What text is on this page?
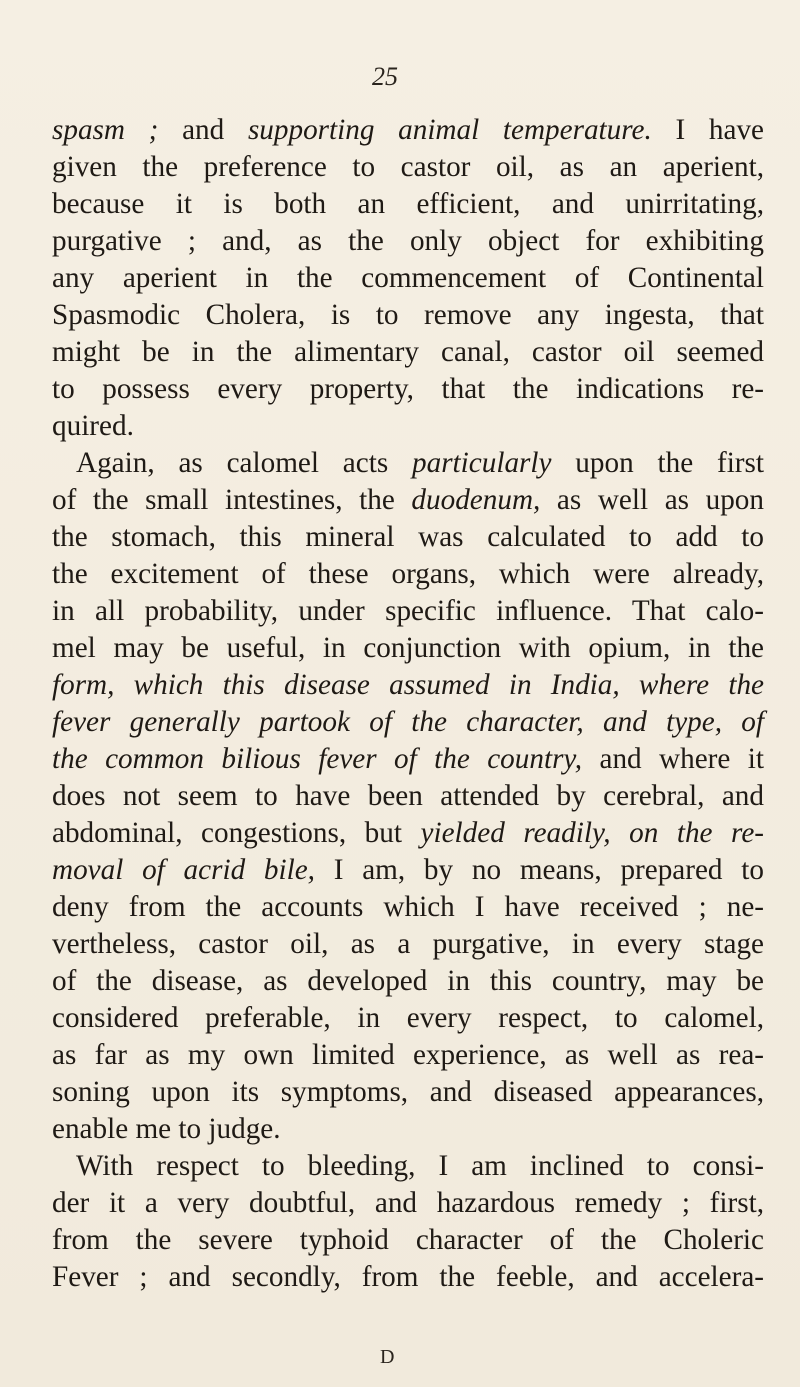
25
spasm ; and supporting animal temperature. I have
given the preference to castor oil, as an aperient,
because it is both an efficient, and unirritating,
purgative ; and, as the only object for exhibiting
any aperient in the commencement of Continental
Spasmodic Cholera, is to remove any ingesta, that
might be in the alimentary canal, castor oil seemed
to possess every property, that the indications re-
quired.
Again, as calomel acts particularly upon the first
of the small intestines, the duodenum, as well as upon
the stomach, this mineral was calculated to add to
the excitement of these organs, which were already,
in all probability, under specific influence. That calo-
mel may be useful, in conjunction with opium, in the
form, which this disease assumed in India, where the
fever generally partook of the character, and type, of
the common bilious fever of the country, and where it
does not seem to have been attended by cerebral, and
abdominal, congestions, but yielded readily, on the re-
moval of acrid bile, I am, by no means, prepared to
deny from the accounts which I have received ; ne-
vertheless, castor oil, as a purgative, in every stage
of the disease, as developed in this country, may be
considered preferable, in every respect, to calomel,
as far as my own limited experience, as well as rea-
soning upon its symptoms, and diseased appearances,
enable me to judge.
With respect to bleeding, I am inclined to consi-
der it a very doubtful, and hazardous remedy ; first,
from the severe typhoid character of the Choleric
Fever ; and secondly, from the feeble, and accelera-
D
